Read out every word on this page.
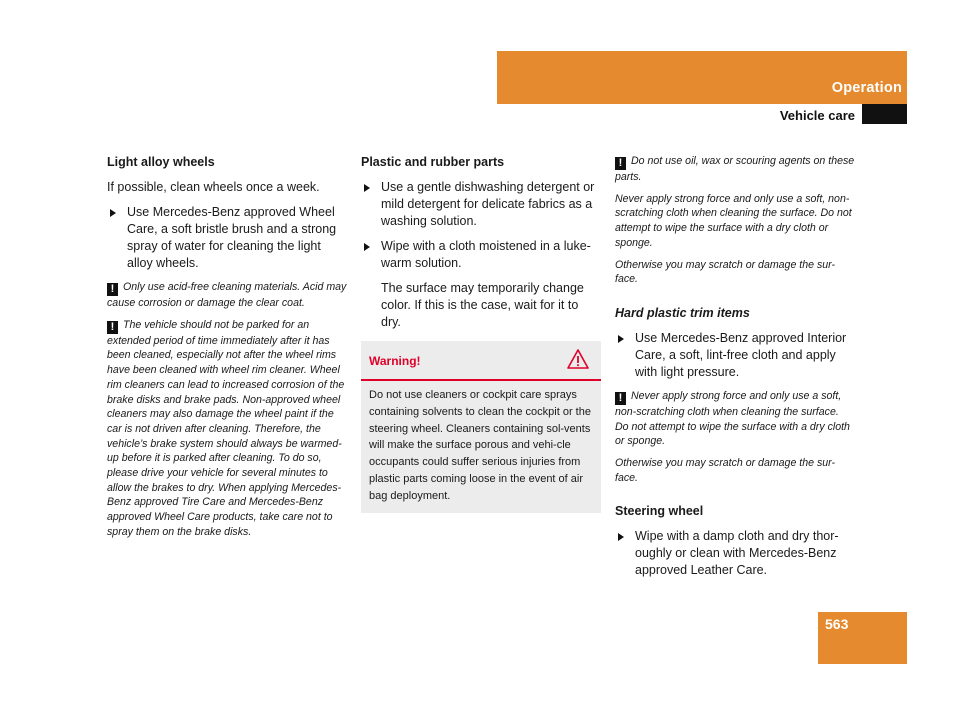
Operation
Vehicle care
Light alloy wheels

If possible, clean wheels once a week.

Use Mercedes-Benz approved Wheel Care, a soft bristle brush and a strong spray of water for cleaning the light alloy wheels.
! Only use acid-free cleaning materials. Acid may cause corrosion or damage the clear coat.
! The vehicle should not be parked for an extended period of time immediately after it has been cleaned, especially not after the wheel rims have been cleaned with wheel rim cleaner. Wheel rim cleaners can lead to increased corrosion of the brake disks and brake pads. Non-approved wheel cleaners may also damage the wheel paint if the car is not driven after cleaning. Therefore, the vehicle’s brake system should always be warmed-up before it is parked after cleaning. To do so, please drive your vehicle for several minutes to allow the brakes to dry. When applying Mercedes-Benz approved Tire Care and Mercedes-Benz approved Wheel Care products, take care not to spray them on the brake disks.
Plastic and rubber parts
Use a gentle dishwashing detergent or mild detergent for delicate fabrics as a washing solution.
Wipe with a cloth moistened in a luke-warm solution.

The surface may temporarily change color. If this is the case, wait for it to dry.

Warning!
Do not use cleaners or cockpit care sprays containing solvents to clean the cockpit or the steering wheel. Cleaners containing sol-vents will make the surface porous and vehi-cle occupants could suffer serious injuries from plastic parts coming loose in the event of air bag deployment.
! Do not use oil, wax or scouring agents on these parts.
Never apply strong force and only use a soft, non-scratching cloth when cleaning the surface. Do not attempt to wipe the surface with a dry cloth or sponge.
Otherwise you may scratch or damage the sur-face.
Hard plastic trim items
Use Mercedes-Benz approved Interior Care, a soft, lint-free cloth and apply with light pressure.
! Never apply strong force and only use a soft, non-scratching cloth when cleaning the surface. Do not attempt to wipe the surface with a dry cloth or sponge.
Otherwise you may scratch or damage the sur-face.
Steering wheel
Wipe with a damp cloth and dry thor-oughly or clean with Mercedes-Benz approved Leather Care.
563
